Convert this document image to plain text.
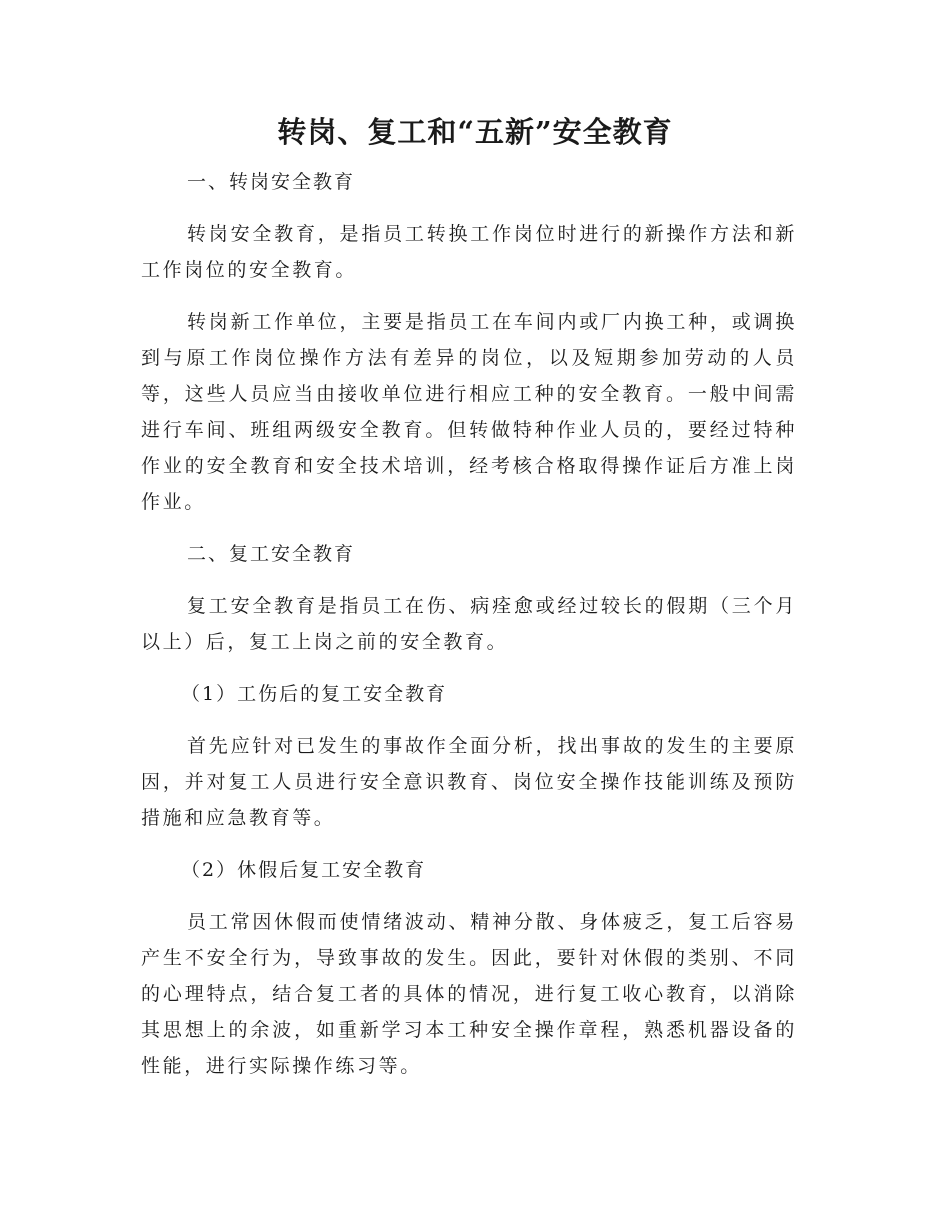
转岗、复工和“五新”安全教育

一、转岗安全教育

转岗安全教育，是指员工转换工作岗位时进行的新操作方法和新工作岗位的安全教育。

转岗新工作单位，主要是指员工在车间内或厂内换工种，或调换到与原工作岗位操作方法有差异的岗位，以及短期参加劳动的人员等，这些人员应当由接收单位进行相应工种的安全教育。一般中间需进行车间、班组两级安全教育。但转做特种作业人员的，要经过特种作业的安全教育和安全技术培训，经考核合格取得操作证后方准上岗作业。

二、复工安全教育

复工安全教育是指员工在伤、病痊愈或经过较长的假期（三个月以上）后，复工上岗之前的安全教育。

（1）工伤后的复工安全教育

首先应针对已发生的事故作全面分析，找出事故的发生的主要原因，并对复工人员进行安全意识教育、岗位安全操作技能训练及预防措施和应急教育等。

（2）休假后复工安全教育

员工常因休假而使情绪波动、精神分散、身体疲乏，复工后容易产生不安全行为，导致事故的发生。因此，要针对休假的类别、不同的心理特点，结合复工者的具体的情况，进行复工收心教育，以消除其思想上的余波，如重新学习本工种安全操作章程，熟悉机器设备的性能，进行实际操作练习等。
